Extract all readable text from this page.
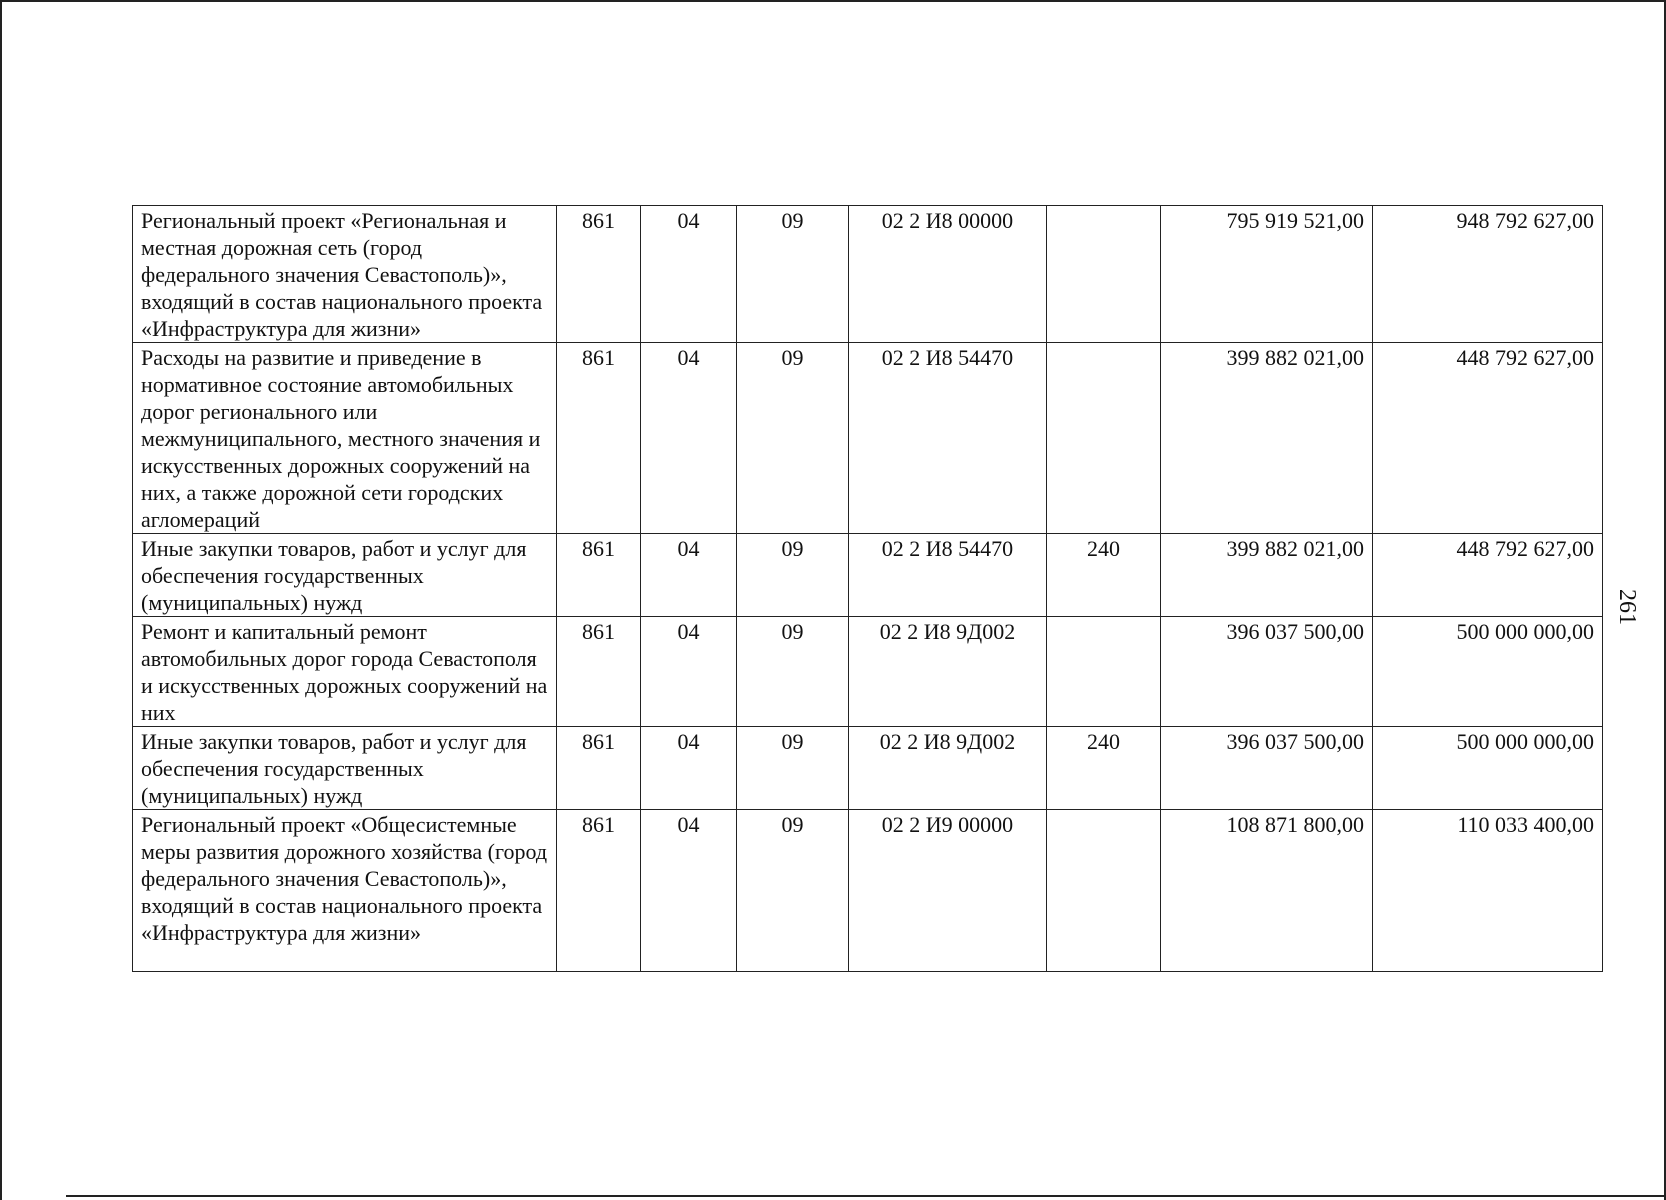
Региональный проект «Региональная и местная дорожная сеть (город федерального значения Севастополь)», входящий в состав национального проекта «Инфраструктура для жизни»	861	04	09	02 2 И8 00000		795 919 521,00	948 792 627,00
Расходы на развитие и приведение в нормативное состояние автомобильных дорог регионального или межмуниципального, местного значения и искусственных дорожных сооружений на них, а также дорожной сети городских агломераций	861	04	09	02 2 И8 54470		399 882 021,00	448 792 627,00
Иные закупки товаров, работ и услуг для обеспечения государственных (муниципальных) нужд	861	04	09	02 2 И8 54470	240	399 882 021,00	448 792 627,00
Ремонт и капитальный ремонт автомобильных дорог города Севастополя и искусственных дорожных сооружений на них	861	04	09	02 2 И8 9Д002		396 037 500,00	500 000 000,00
Иные закупки товаров, работ и услуг для обеспечения государственных (муниципальных) нужд	861	04	09	02 2 И8 9Д002	240	396 037 500,00	500 000 000,00
Региональный проект «Общесистемные меры развития дорожного хозяйства (город федерального значения Севастополь)», входящий в состав национального проекта «Инфраструктура для жизни»	861	04	09	02 2 И9 00000		108 871 800,00	110 033 400,00
261
